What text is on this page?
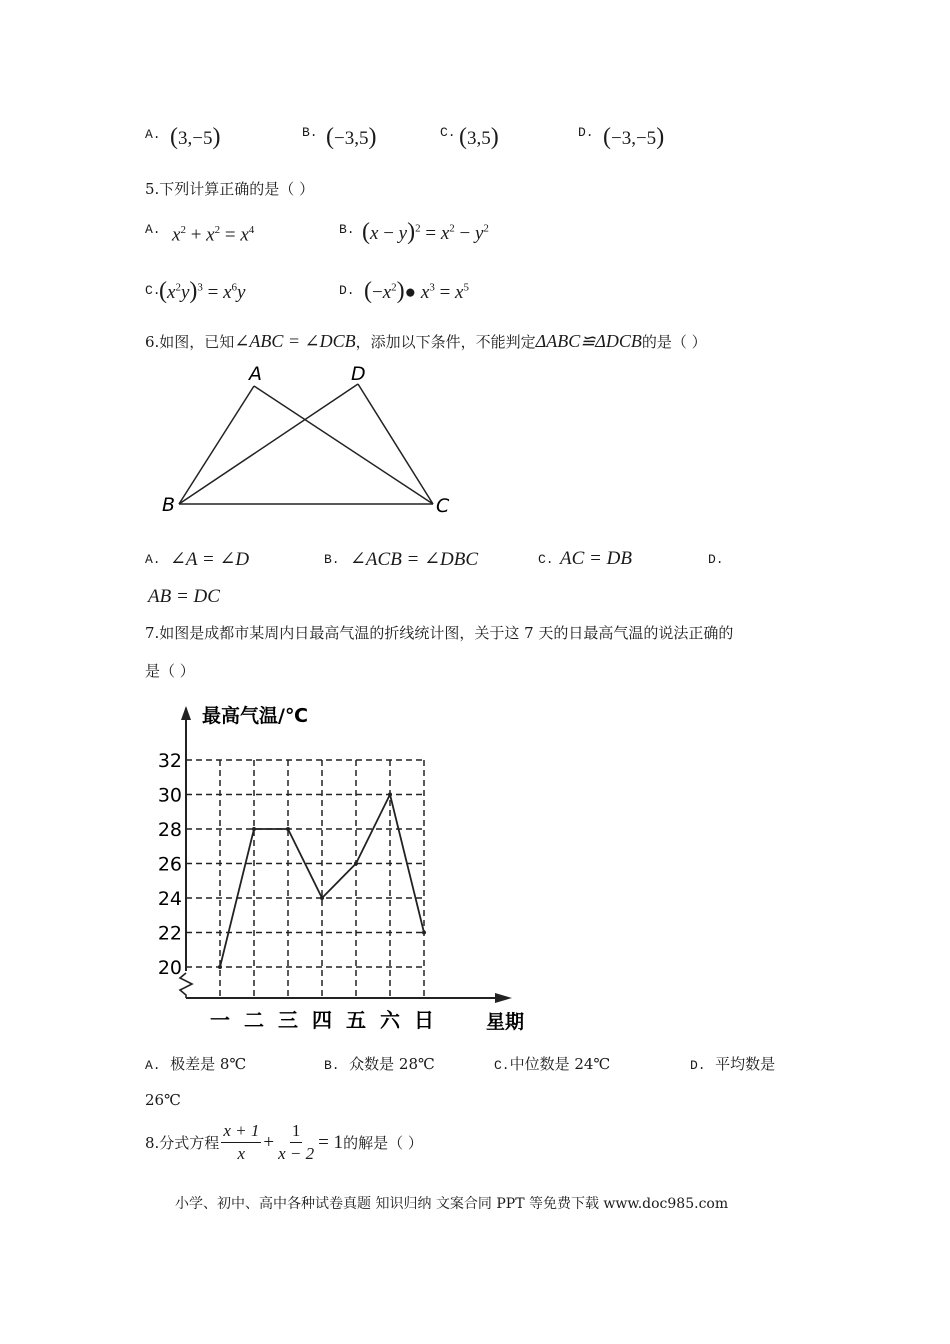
A. (3,−5)	B. (−3,5)	C. (3,5)	D. (−3,−5)
5.下列计算正确的是（ ）
A. $x^2 + x^2 = x^4$	B. $(x - y)^2 = x^2 - y^2$
C.
$(x^2y)^3 = x^6y$	D. $(-x^2)●$ $x^3 = x^5$
6.如图，已知∠ABC = ∠DCB，添加以下条件，不能判定ΔABC≌ΔDCB的是（ ）
A	D
B	C
A. ∠A = ∠D	B. ∠ACB = ∠DBC	C. AC = DB	D.
AB = DC
7.如图是成都市某周内日最高气温的折线统计图，关于这 7 天的日最高气温的说法正确的
是（ ）
20
22
24
26
28
30
32
一 二 三 四 五 六 日
最高气温/℃
星期
A. 极差是 8℃	B. 众数是 28℃	C.中位数是 24℃	D. 平均数是
26℃
8.分式方程 $\frac{x + 1}{x} + \frac{1}{x - 2} = 1$ 的解是（ ）
小学、初中、高中各种试卷真题 知识归纳 文案合同 PPT 等免费下载 www.doc985.com
